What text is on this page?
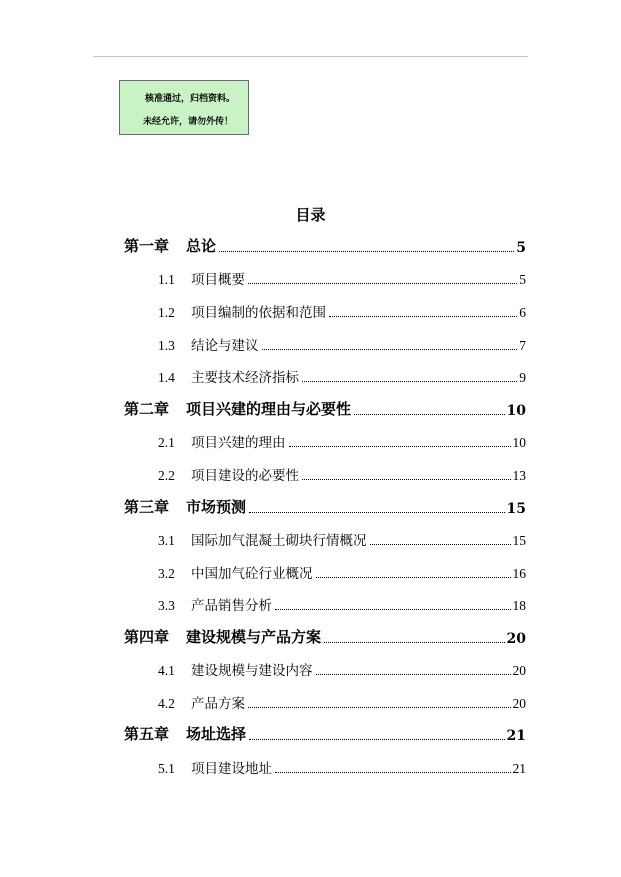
核准通过，归档资料。
未经允许，请勿外传！
目录
第一章	总论	5
1.1	项目概要	5
1.2	项目编制的依据和范围	6
1.3	结论与建议	7
1.4	主要技术经济指标	9
第二章	项目兴建的理由与必要性	10
2.1	项目兴建的理由	10
2.2	项目建设的必要性	13
第三章	市场预测	15
3.1	国际加气混凝土砌块行情概况	15
3.2	中国加气砼行业概况	16
3.3	产品销售分析	18
第四章	建设规模与产品方案	20
4.1	建设规模与建设内容	20
4.2	产品方案	20
第五章	场址选择	21
5.1	项目建设地址	21
